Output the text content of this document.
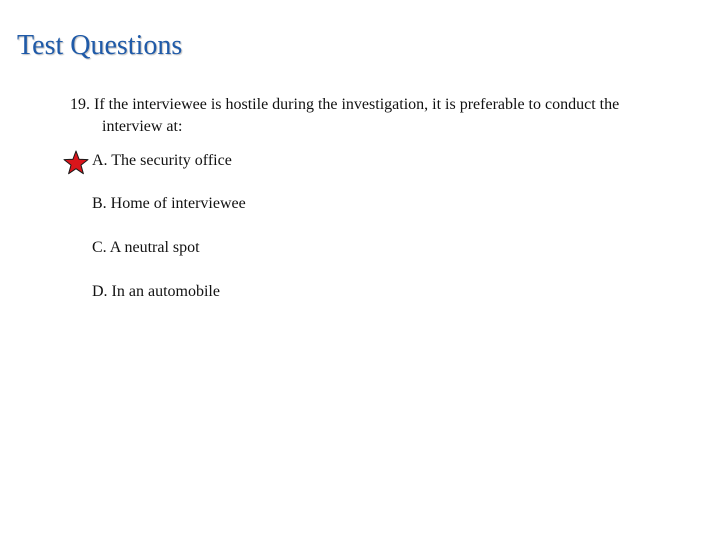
Test Questions
19. If the interviewee is hostile during the investigation, it is preferable to conduct the
interview at:
A. The security office
B. Home of interviewee
C. A neutral spot
D. In an automobile
